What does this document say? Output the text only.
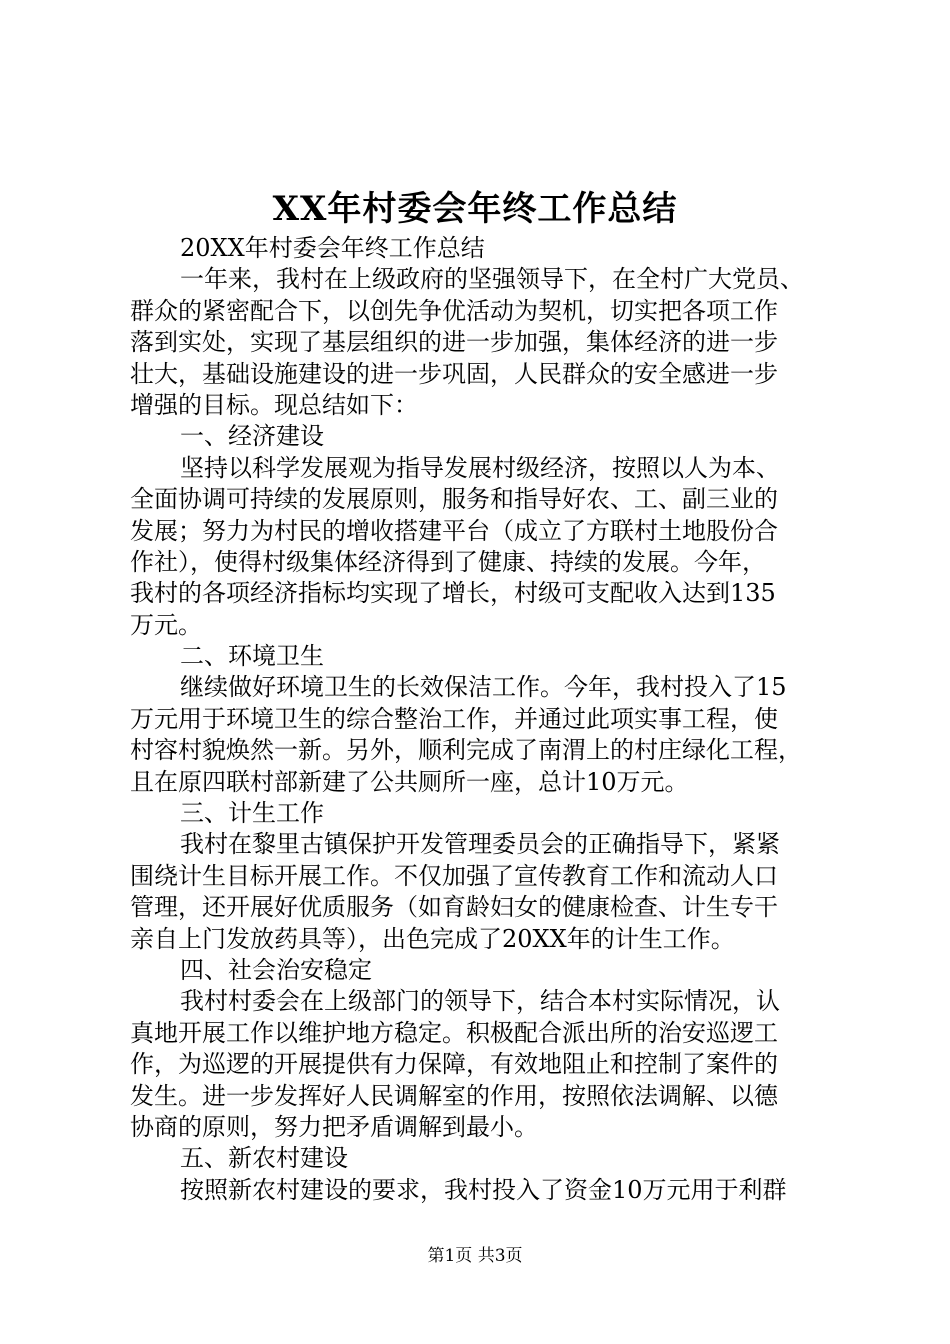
XX年村委会年终工作总结
20XX年村委会年终工作总结
一年来，我村在上级政府的坚强领导下，在全村广大党员、
群众的紧密配合下，以创先争优活动为契机，切实把各项工作
落到实处，实现了基层组织的进一步加强，集体经济的进一步
壮大，基础设施建设的进一步巩固，人民群众的安全感进一步
增强的目标。现总结如下：
一、经济建设
坚持以科学发展观为指导发展村级经济，按照以人为本、
全面协调可持续的发展原则，服务和指导好农、工、副三业的
发展；努力为村民的增收搭建平台（成立了方联村土地股份合
作社），使得村级集体经济得到了健康、持续的发展。今年，
我村的各项经济指标均实现了增长，村级可支配收入达到135
万元。
二、环境卫生
继续做好环境卫生的长效保洁工作。今年，我村投入了15
万元用于环境卫生的综合整治工作，并通过此项实事工程，使
村容村貌焕然一新。另外，顺利完成了南渭上的村庄绿化工程，
且在原四联村部新建了公共厕所一座，总计10万元。
三、计生工作
我村在黎里古镇保护开发管理委员会的正确指导下，紧紧
围绕计生目标开展工作。不仅加强了宣传教育工作和流动人口
管理，还开展好优质服务（如育龄妇女的健康检查、计生专干
亲自上门发放药具等），出色完成了20XX年的计生工作。
四、社会治安稳定
我村村委会在上级部门的领导下，结合本村实际情况，认
真地开展工作以维护地方稳定。积极配合派出所的治安巡逻工
作，为巡逻的开展提供有力保障，有效地阻止和控制了案件的
发生。进一步发挥好人民调解室的作用，按照依法调解、以德
协商的原则，努力把矛盾调解到最小。
五、新农村建设
按照新农村建设的要求，我村投入了资金10万元用于利群
第1页 共3页
